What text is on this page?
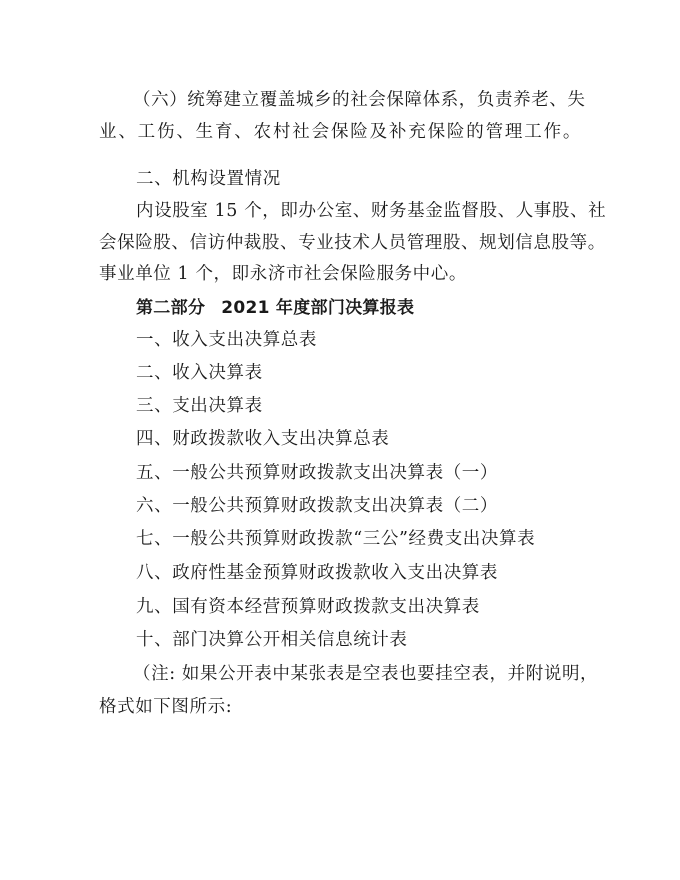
（六）统筹建立覆盖城乡的社会保障体系，负责养老、失
业、工伤、生育、农村社会保险及补充保险的管理工作。
二、机构设置情况
内设股室 15 个，即办公室、财务基金监督股、人事股、社
会保险股、信访仲裁股、专业技术人员管理股、规划信息股等。
事业单位 1 个，即永济市社会保险服务中心。
第二部分 2021 年度部门决算报表
一、收入支出决算总表
二、收入决算表
三、支出决算表
四、财政拨款收入支出决算总表
五、一般公共预算财政拨款支出决算表（一）
六、一般公共预算财政拨款支出决算表（二）
七、一般公共预算财政拨款“三公”经费支出决算表
八、政府性基金预算财政拨款收入支出决算表
九、国有资本经营预算财政拨款支出决算表
十、部门决算公开相关信息统计表
（注: 如果公开表中某张表是空表也要挂空表，并附说明，
格式如下图所示:
